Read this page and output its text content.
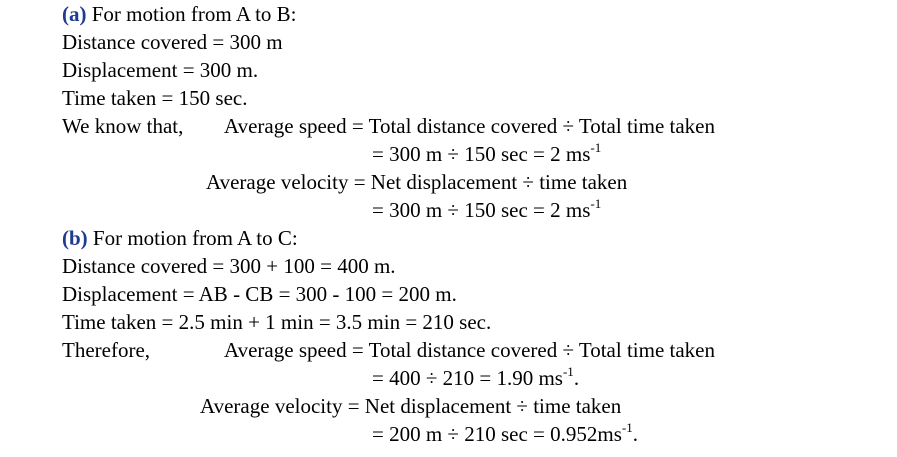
(a) For motion from A to B:
Distance covered = 300 m
Displacement = 300 m.
Time taken = 150 sec.
We know that, Average speed = Total distance covered ÷ Total time taken
= 300 m ÷ 150 sec = 2 $ms^{-1}$
Average velocity = Net displacement ÷ time taken
= 300 m ÷ 150 sec = 2 $ms^{-1}$
(b) For motion from A to C:
Distance covered = 300 + 100 = 400 m.
Displacement = AB - CB = 300 - 100 = 200 m.
Time taken = 2.5 min + 1 min = 3.5 min = 210 sec.
Therefore,	Average speed = Total distance covered ÷ Total time taken
= 400 ÷ 210 = 1.90 $ms^{-1}$.
Average velocity = Net displacement ÷ time taken
= 200 m ÷ 210 $\sec = 0.952ms^{-1}$.
